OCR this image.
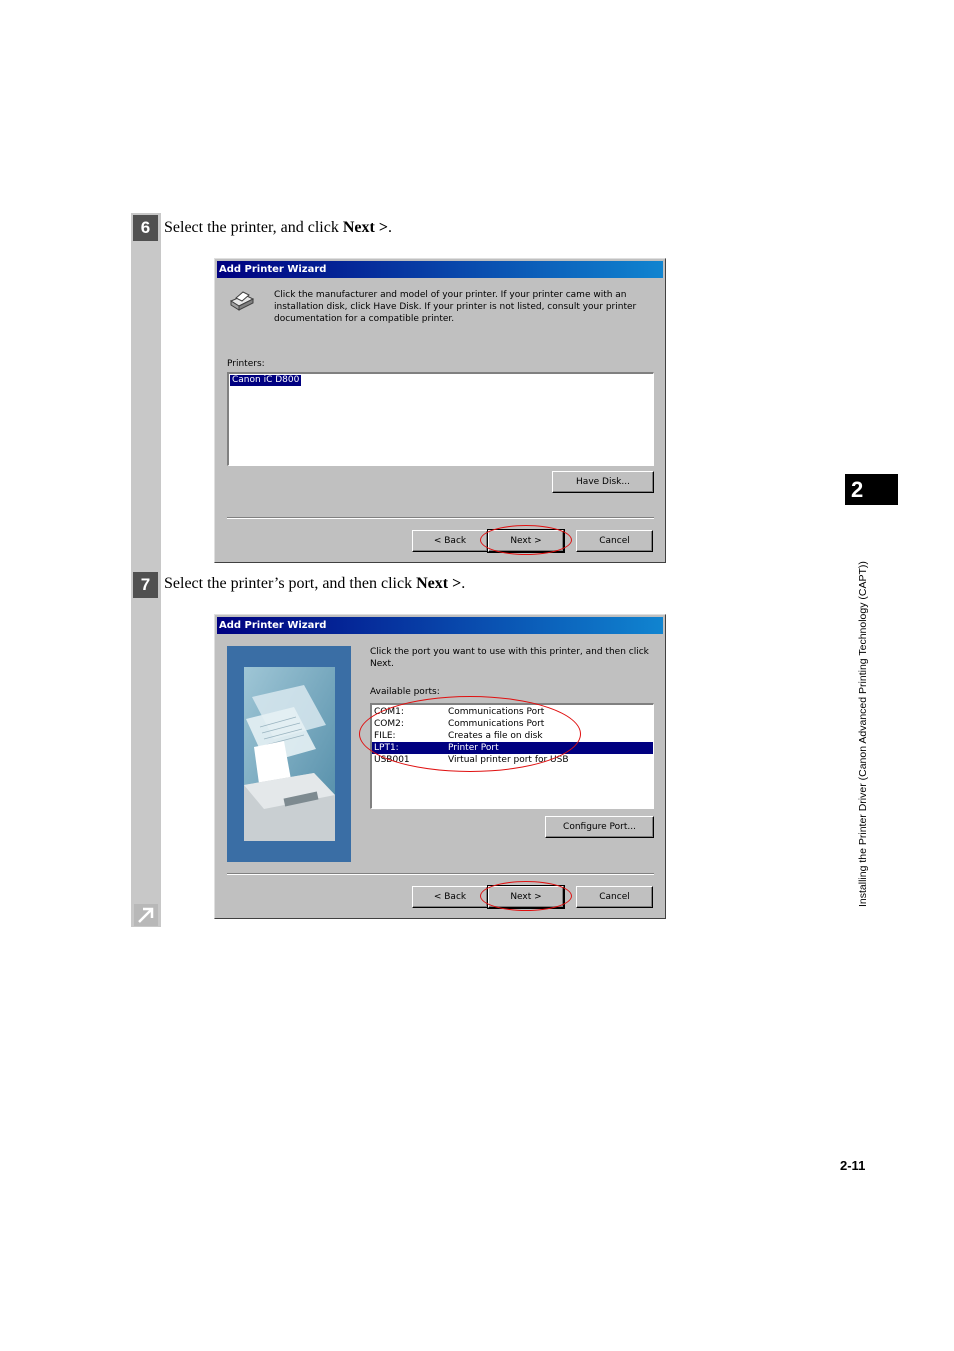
6 Select the printer, and click Next >.
Add Printer Wizard
Click the manufacturer and model of your printer. If your printer came with an installation disk, click Have Disk. If your printer is not listed, consult your printer documentation for a compatible printer.
Printers:
Canon iC D800
Have Disk...
< Back	Next >	Cancel
7 Select the printer’s port, and then click Next >.
Add Printer Wizard
Click the port you want to use with this printer, and then click Next.
Available ports:
COM1:	Communications Port
COM2:	Communications Port
FILE:	Creates a file on disk
LPT1:	Printer Port
USB001	Virtual printer port for USB
Configure Port...
< Back	Next >	Cancel
2
Installing the Printer Driver (Canon Advanced Printing Technology (CAPT))
2-11
